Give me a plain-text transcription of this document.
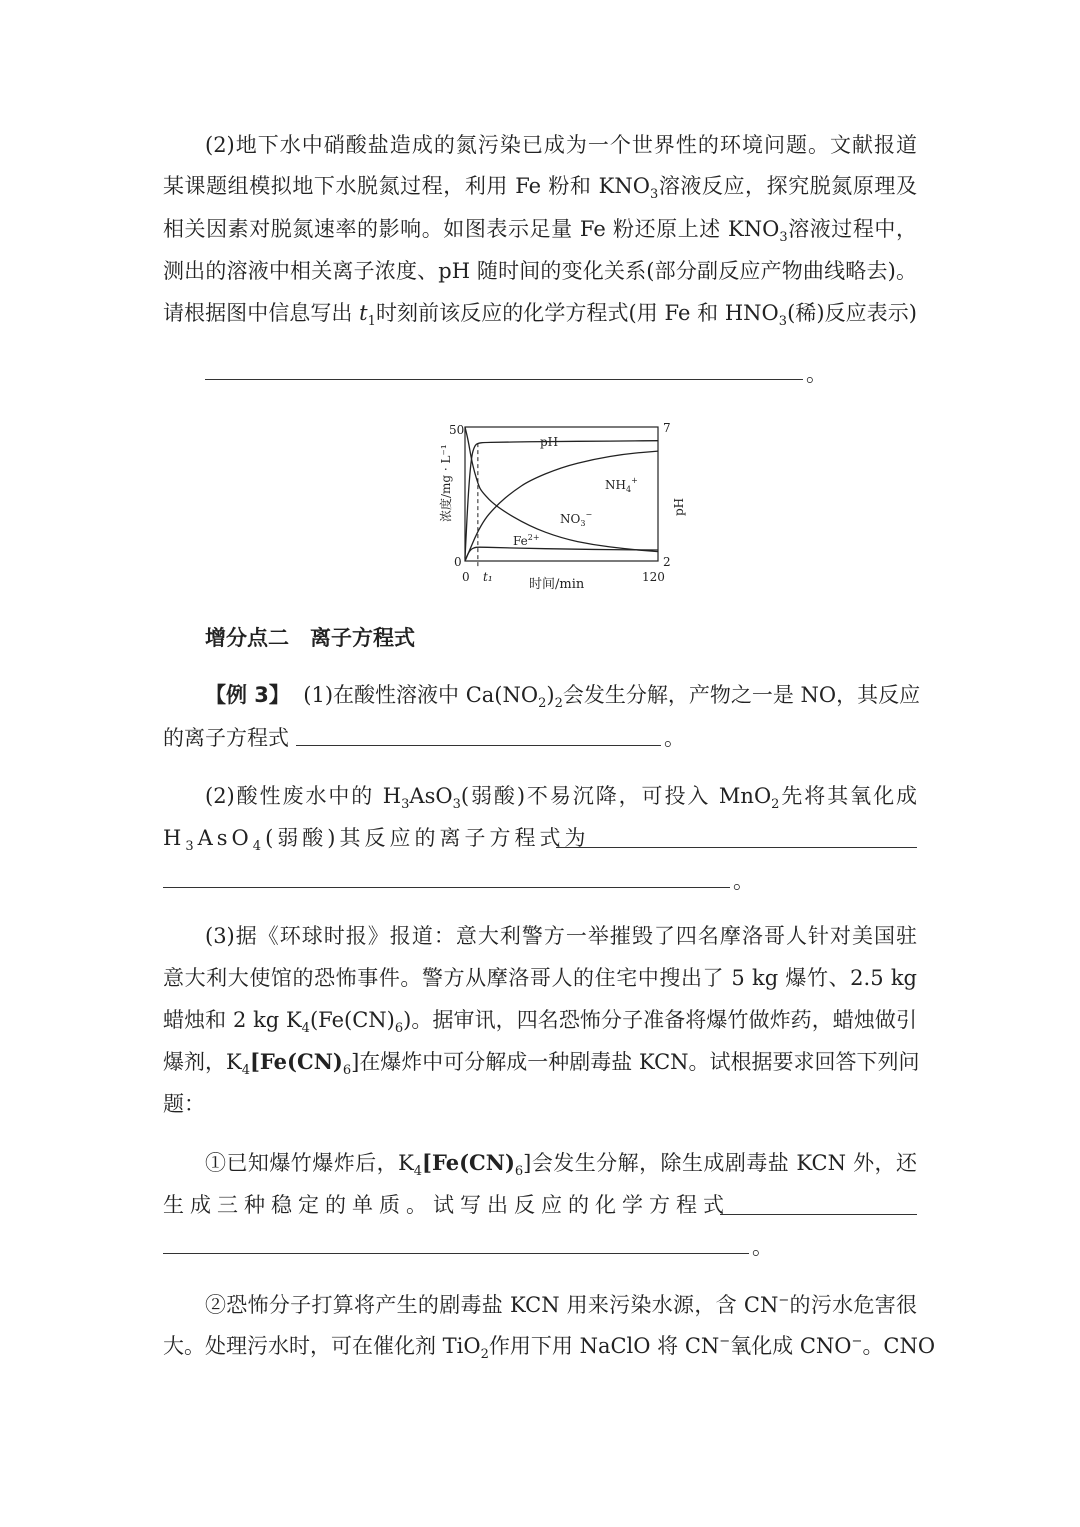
(2)地下水中硝酸盐造成的氮污染已成为一个世界性的环境问题。文献报道
某课题组模拟地下水脱氮过程，利用 Fe 粉和 $KNO_3$溶液反应，探究脱氮原理及
相关因素对脱氮速率的影响。如图表示足量 Fe 粉还原上述 $KNO_3$溶液过程中，
测出的溶液中相关离子浓度、pH 随时间的变化关系(部分副反应产物曲线略去)。
请根据图中信息写出 $t_1$时刻前该反应的化学方程式(用 Fe 和 $HNO_3$(稀)反应表示)
。
50
0
7
2
0 t₁	120
时间/min
浓度/mg · L⁻¹	pH
pH
$NH_4^+$
$NO_3^-$
$Fe^{2+}$
增分点二　离子方程式
【例 3】 (1)在酸性溶液中 $Ca(NO_2)_2$会发生分解，产物之一是 NO，其反应
的离子方程式	。
(2)酸性废水中的 $H_3AsO_3$(弱酸)不易沉降，可投入 MnO$_2$先将其氧化成
$H_3AsO_4$(弱酸)其反应的离子方程式为
。
(3)据《环球时报》报道：意大利警方一举摧毁了四名摩洛哥人针对美国驻
意大利大使馆的恐怖事件。警方从摩洛哥人的住宅中搜出了 5 kg 爆竹、2.5 kg
蜡烛和 2 kg $K_4(Fe(CN)_6)$。据审讯，四名恐怖分子准备将爆竹做炸药，蜡烛做引
爆剂，$K_4[Fe(CN)_6]$在爆炸中可分解成一种剧毒盐 KCN。试根据要求回答下列问
题：
①已知爆竹爆炸后，$K_4[Fe(CN)_6]$会发生分解，除生成剧毒盐 KCN 外，还
生成三种稳定的单质。试写出反应的化学方程式
。
②恐怖分子打算将产生的剧毒盐 KCN 用来污染水源，含 CN−的污水危害很
大。处理污水时，可在催化剂 TiO$_2$作用下用 NaClO 将 CN−氧化成 CNO−。CNO
